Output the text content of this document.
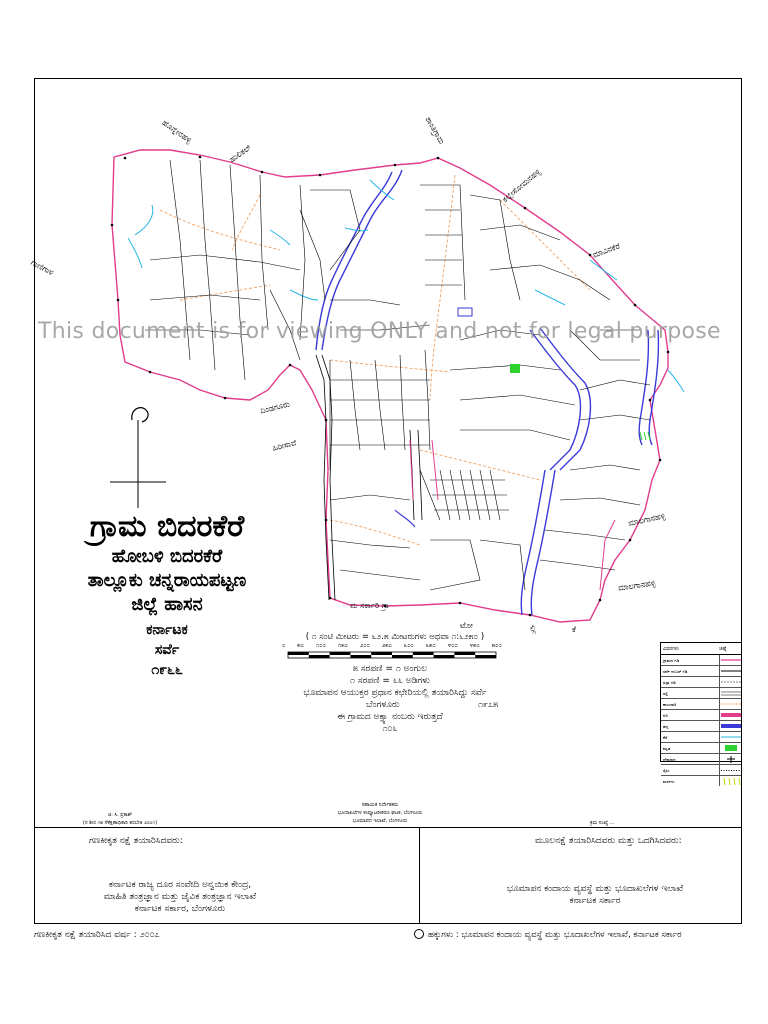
ಗಾಣಿಗಾಳ
ಹೊನ್ನೇನಹಳ್ಳಿ
ಹುಲಿಕಲ್
ಶಾಂತಿಗ್ರಾಮ
ಕಲ್ಲೇಸೋಮನಹಳ್ಳಿ
ಮಾವಿನಕೆರೆ
ಮಾಲಗಾನಹಳ್ಳಿ
ಮಾಲಗಾನಹಳ್ಳಿ
ದಿಂಡಗೂರು
ಹಿರೀಸಾವೆ
ಮ ಸರ್ಕಾರಿ ಗ್ರಾ
ಟೋ	ಲ್ಲಿ	ಕೆ
This document is for viewing ONLY and not for legal purpose
ಗ್ರಾಮ ಬಿದರಕೆರೆ
ಹೋಬಳಿ ಬಿದರಕೆರೆ
ತಾಲ್ಲೂಕು ಚನ್ನರಾಯಪಟ್ಟಣ
ಜಿಲ್ಲೆ ಹಾಸನ
ಕರ್ನಾಟಕ
ಸರ್ವೆ
೧೯೬೬
( ೧ ಸಂಟಿ ಮೀಟರು = ೬೨.೫ ಮೀಟರುಗಳು ಅಥವಾ ೧:೬೨೫೦ )
೦ ೫೦ ೧೦೦ ೧೫೦ ೨೦೦ ೨೫೦ ೩೦೦ ೩೫೦ ೪೦೦ ೪೫೦ ೫೦೦
೫ ಸರಪಣಿ = ೧ ಅಂಗುಲ
೧ ಸರಪಣಿ = ೬೬ ಅಡಿಗಳು
ಭೂಮಾಪನ ಆಯುಕ್ತರ ಪ್ರಧಾನ ಕಛೇರಿಯಲ್ಲಿ ತಯಾರಿಸಿದ್ದು ಸರ್ವೆ
ಬೆಂಗಳೂರು	೧೯೭೫
ಈ ಗ್ರಾಮದ ಅಕ್ಸ್ಯಾ ನಂಬರು ಇರುತ್ತದೆ
೧೦೬
ವಿವರಗಳು	ಚಿಹ್ನೆ
ಗ್ರಾಮದ ಗಡಿ
ಸರ್ವೆ ನಂಬರ್ ಗಡಿ
ಹಿಸ್ಸಾ ಗಡಿ
ರಸ್ತೆ
ಕಾಲುದಾರಿ
ನದಿ
ಹಳ್ಳ
ಕೆರೆ
ಕಟ್ಟಡ
ದೇವಸ್ಥಾನ
ರೈಲು
ಮರಗಳು
ಜಿ. ಸಿ. ಪ್ರಕಾಶ್
(ಸ ಶೀರ ೧೫ ಸೆಕೆಕ್ಷಣಾಧಿಕಾರಿ ತರಬೇತಿ ೨೦೦೧)
ಸಹಾಯಕ ನಿರ್ದೇಶಕರು
ಭೂದಾಖಲೆಗಳ ಕಂಪ್ಯೂಟರೀಕರಣ ಘಟಕ, ಬೆಂಗಳೂರು
ಭೂಮಾಪನ ಇಲಾಖೆ, ಬೆಂಗಳೂರು	ಕ್ರಮ ಸಂಖ್ಯೆ ...
ಗಣಕೀಕೃತ ನಕ್ಷೆ ತಯಾರಿಸಿದವರು:
ಕರ್ನಾಟಕ ರಾಜ್ಯ ದೂರ ಸಂವೇದಿ ಅನ್ವಯಿಕ ಕೇಂದ್ರ,
ಮಾಹಿತಿ ತಂತ್ರಜ್ಞಾನ ಮತ್ತು ಜೈವಿಕ ತಂತ್ರಜ್ಞಾನ ಇಲಾಖೆ
ಕರ್ನಾಟಕ ಸರ್ಕಾರ, ಬೆಂಗಳೂರು
ಮೂಲನಕ್ಷೆ ತಯಾರಿಸಿದವರು ಮತ್ತು ಒದಗಿಸಿದವರು:
ಭೂಮಾಪನ ಕಂದಾಯ ವ್ಯವಸ್ಥೆ ಮತ್ತು ಭೂದಾಖಲೆಗಳ ಇಲಾಖೆ
ಕರ್ನಾಟಕ ಸರ್ಕಾರ
ಗಣಕೀಕೃತ ನಕ್ಷೆ ತಯಾರಿಸಿದ ವರ್ಷ : ೨೦೦೭	ಹಕ್ಕುಗಳು : ಭೂಮಾಪನ ಕಂದಾಯ ವ್ಯವಸ್ಥೆ ಮತ್ತು ಭೂದಾಖಲೆಗಳ ಇಲಾಖೆ, ಕರ್ನಾಟಕ ಸರ್ಕಾರ
